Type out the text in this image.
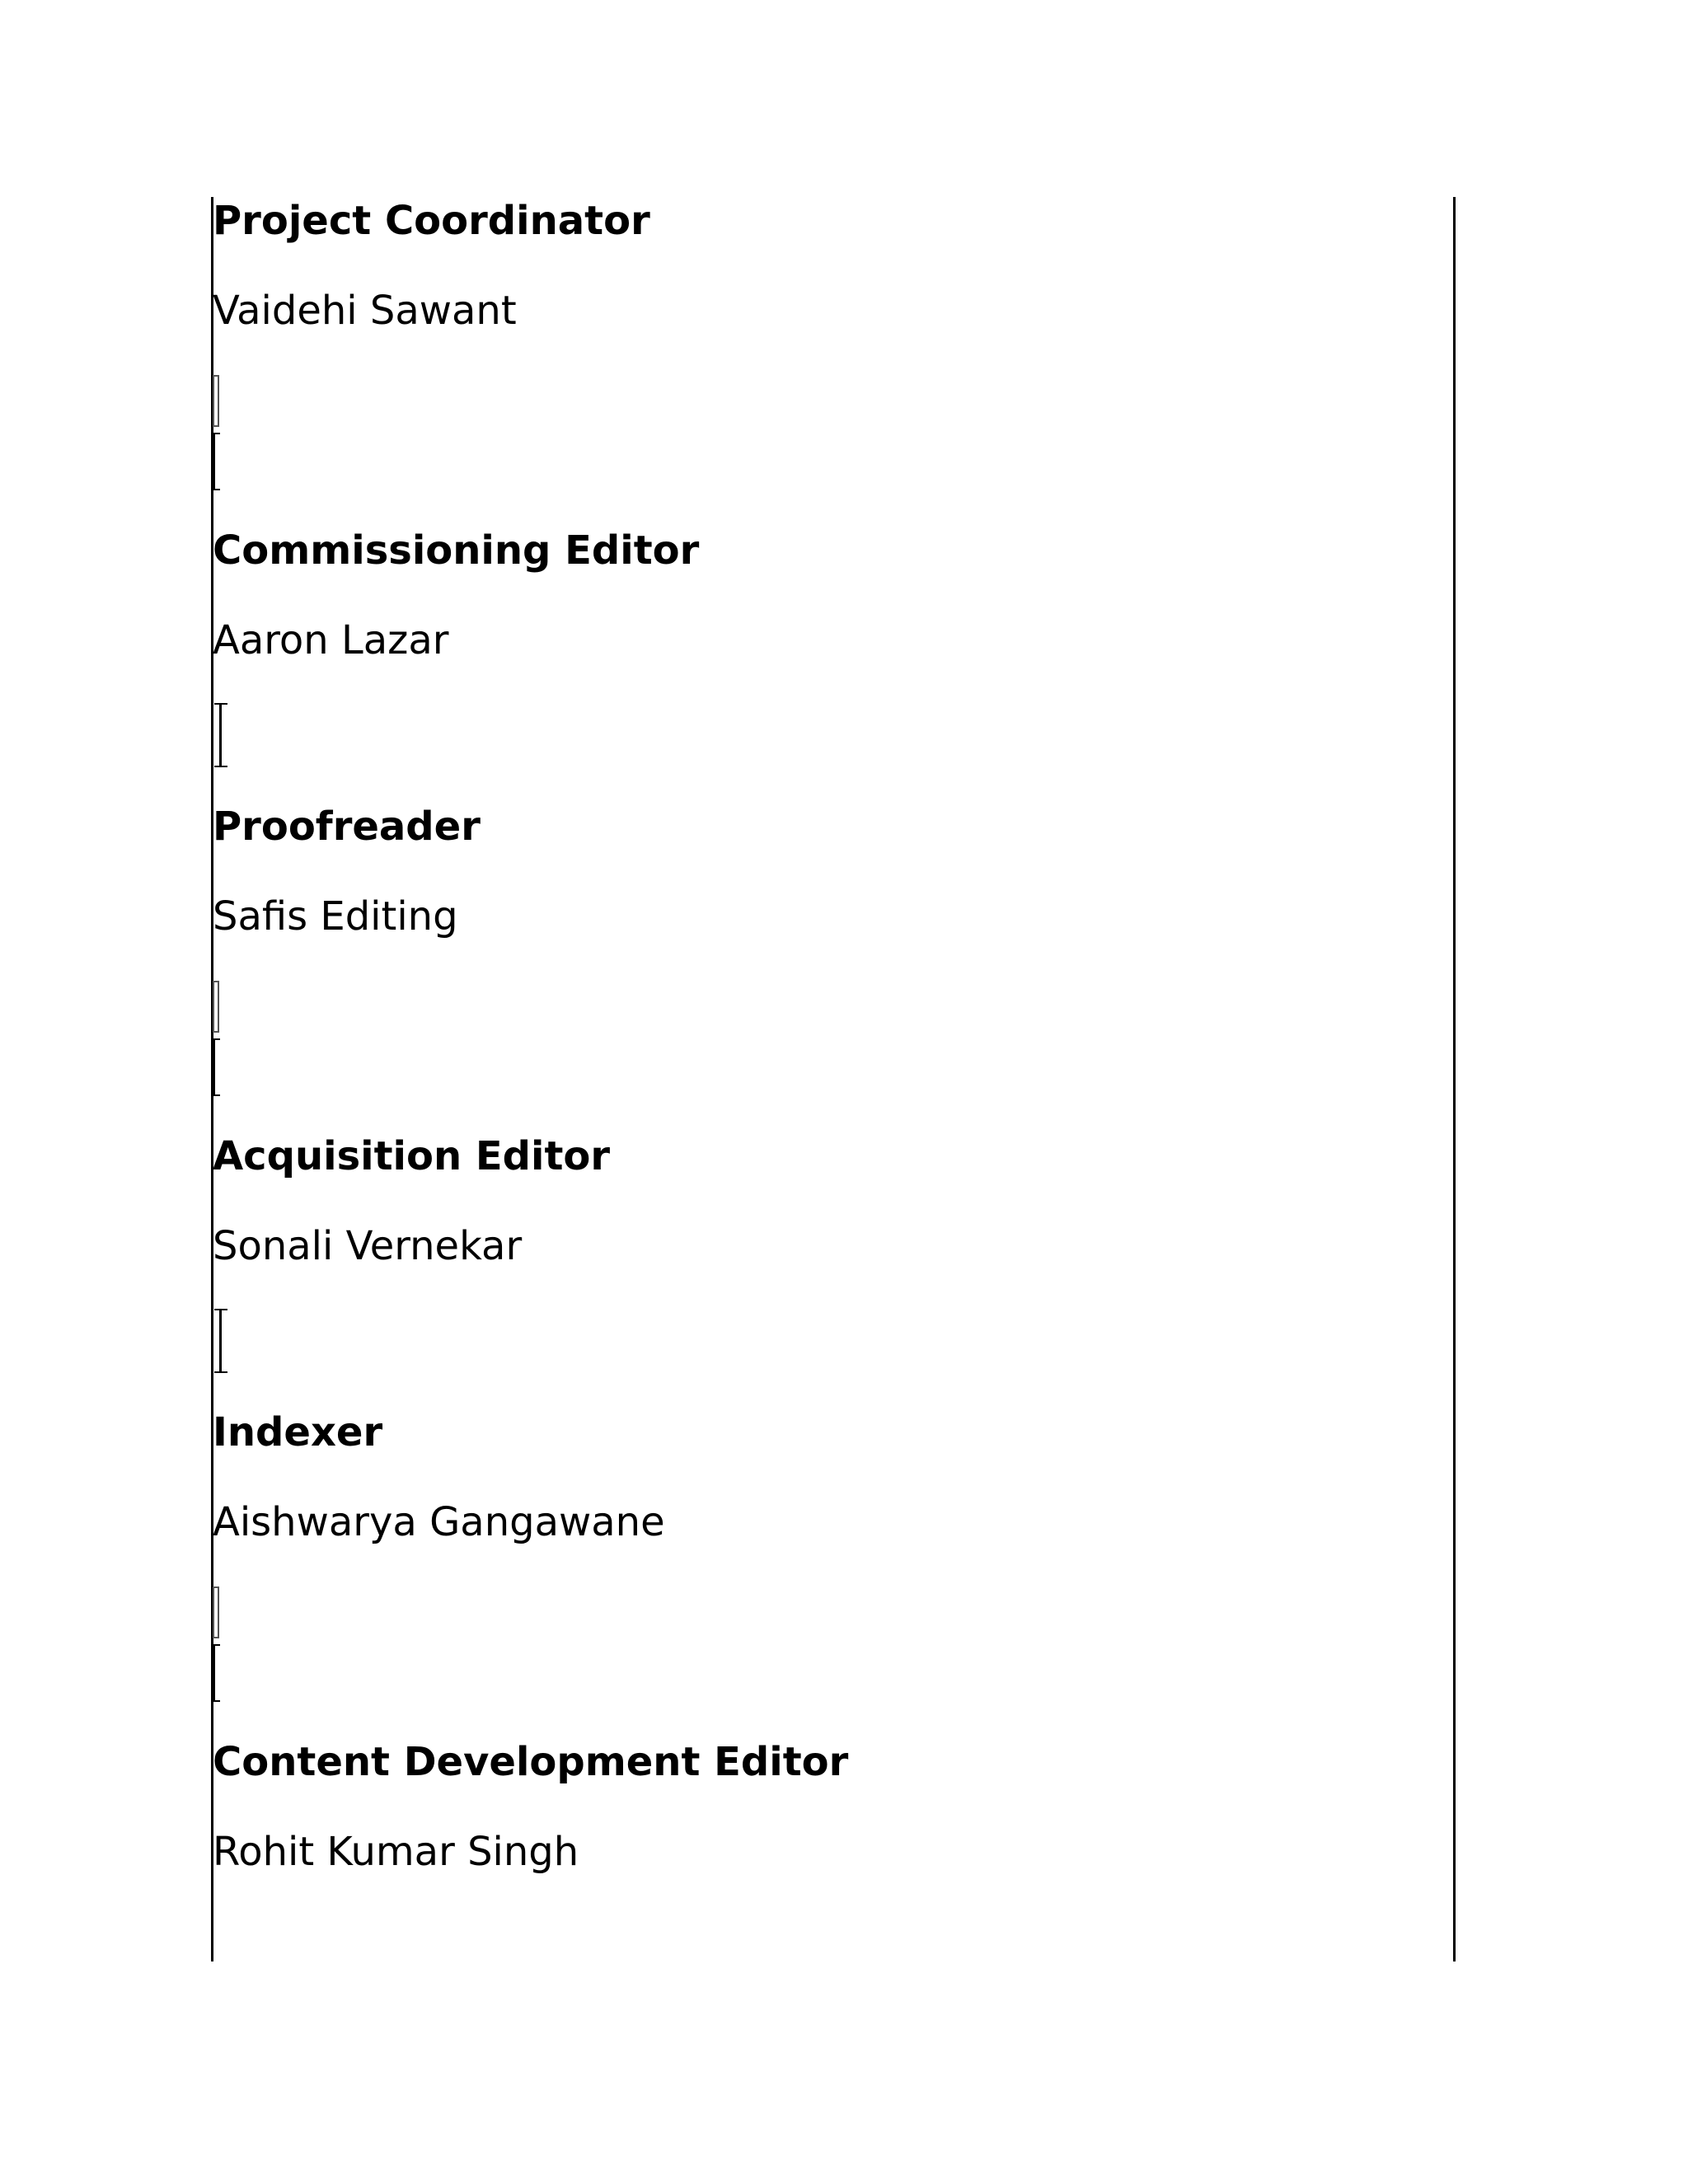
Project Coordinator
Vaidehi Sawant
Commissioning Editor
Aaron Lazar
Proofreader
Safis Editing
Acquisition Editor
Sonali Vernekar
Indexer
Aishwarya Gangawane
Content Development Editor
Rohit Kumar Singh
